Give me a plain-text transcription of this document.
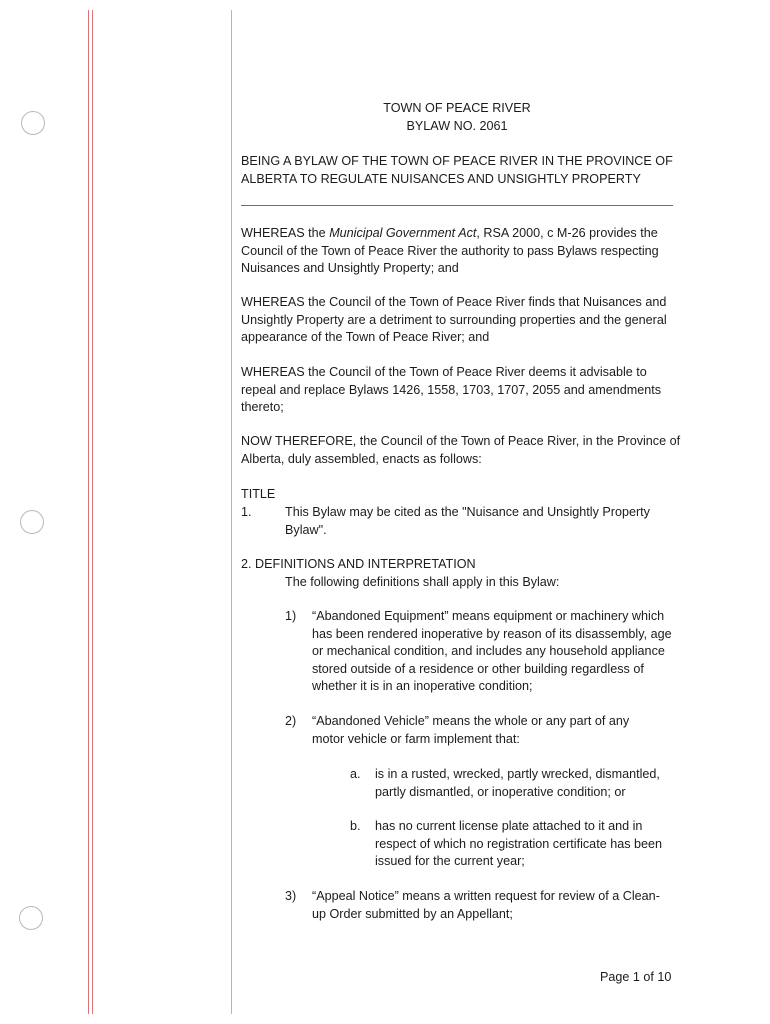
TOWN OF PEACE RIVER
BYLAW NO. 2061
BEING A BYLAW OF THE TOWN OF PEACE RIVER IN THE PROVINCE OF
ALBERTA TO REGULATE NUISANCES AND UNSIGHTLY PROPERTY
WHEREAS the Municipal Government Act, RSA 2000, c M-26 provides the Council of the Town of Peace River the authority to pass Bylaws respecting Nuisances and Unsightly Property; and
WHEREAS the Council of the Town of Peace River finds that Nuisances and Unsightly Property are a detriment to surrounding properties and the general appearance of the Town of Peace River; and
WHEREAS the Council of the Town of Peace River deems it advisable to repeal and replace Bylaws 1426, 1558, 1703, 1707, 2055 and amendments thereto;
NOW THEREFORE, the Council of the Town of Peace River, in the Province of Alberta, duly assembled, enacts as follows:
TITLE
1.	This Bylaw may be cited as the "Nuisance and Unsightly Property Bylaw".
2. DEFINITIONS AND INTERPRETATION
The following definitions shall apply in this Bylaw:
1) “Abandoned Equipment” means equipment or machinery which has been rendered inoperative by reason of its disassembly, age or mechanical condition, and includes any household appliance stored outside of a residence or other building regardless of whether it is in an inoperative condition;
2) “Abandoned Vehicle” means the whole or any part of any motor vehicle or farm implement that:
a. is in a rusted, wrecked, partly wrecked, dismantled, partly dismantled, or inoperative condition; or
b. has no current license plate attached to it and in respect of which no registration certificate has been issued for the current year;
3) “Appeal Notice” means a written request for review of a Clean-up Order submitted by an Appellant;
Page 1 of 10
